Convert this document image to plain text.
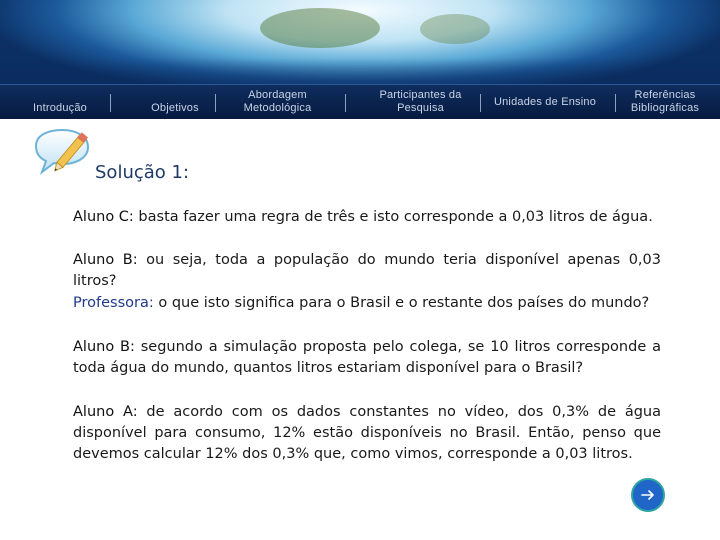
Introdução	Objetivos
Abordagem Metodológica
Participantes da Pesquisa
Unidades de Ensino
Referências Bibliográficas
Solução 1:
Aluno C: basta fazer uma regra de três e isto corresponde a 0,03 litros de água.
Aluno B: ou seja, toda a população do mundo teria disponível apenas 0,03 litros?
Professora: o que isto significa para o Brasil e o restante dos países do mundo?
Aluno B: segundo a simulação proposta pelo colega, se 10 litros corresponde a toda água do mundo, quantos litros estariam disponível para o Brasil?
Aluno A: de acordo com os dados constantes no vídeo, dos 0,3% de água disponível para consumo, 12% estão disponíveis no Brasil. Então, penso que devemos calcular 12% dos 0,3% que, como vimos, corresponde a 0,03 litros.
